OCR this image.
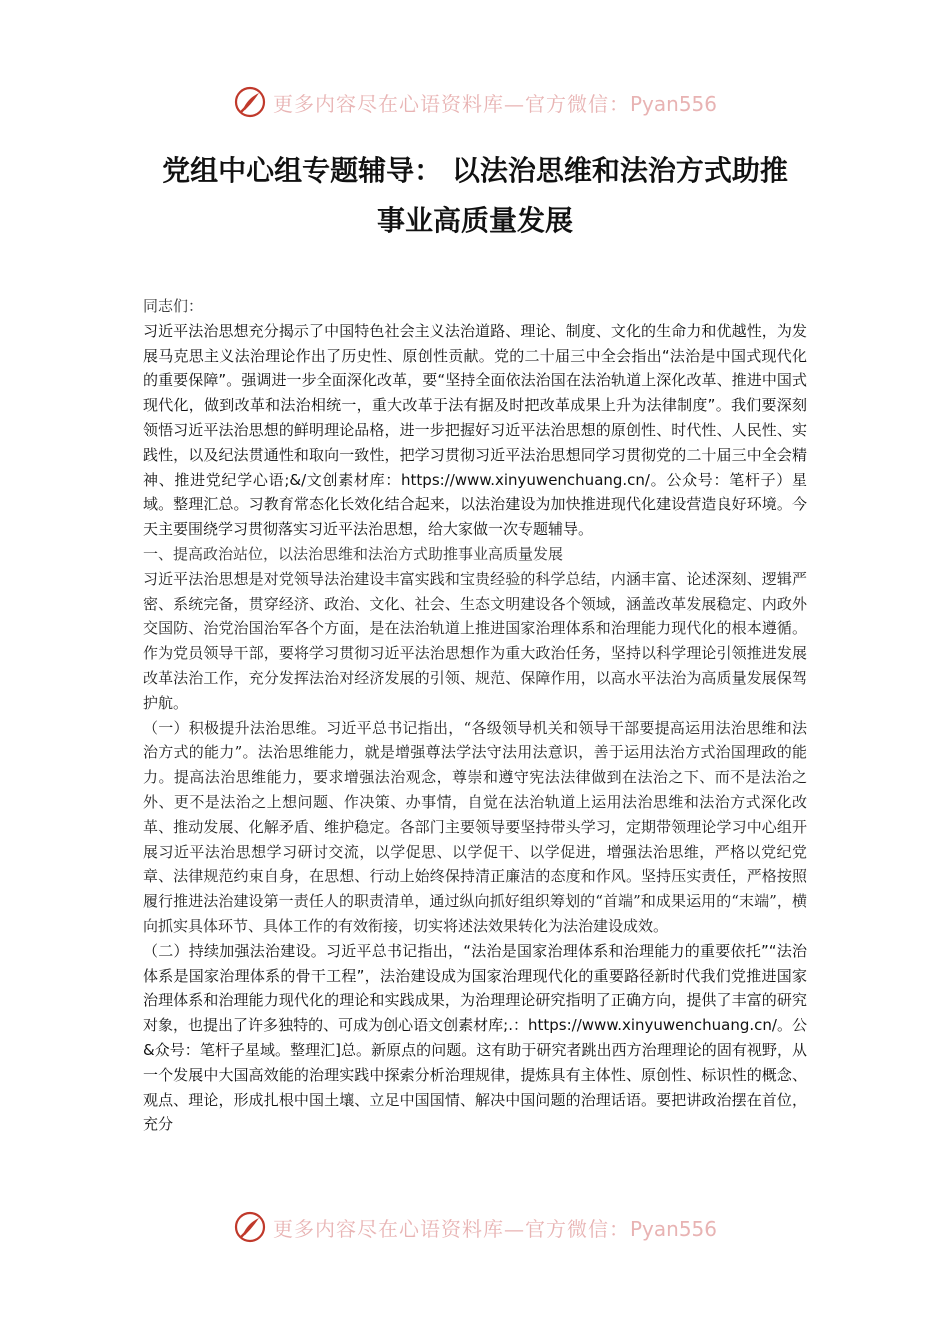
更多内容尽在心语资料库—官方微信：Pyan556
党组中心组专题辅导： 以法治思维和法治方式助推
事业高质量发展

同志们：

习近平法治思想充分揭示了中国特色社会主义法治道路、理论、制度、文化的生命力和优越性，为发展马克思主义法治理论作出了历史性、原创性贡献。党的二十届三中全会指出“法治是中国式现代化的重要保障”。强调进一步全面深化改革，要“坚持全面依法治国在法治轨道上深化改革、推进中国式现代化，做到改革和法治相统一，重大改革于法有据及时把改革成果上升为法律制度”。我们要深刻领悟习近平法治思想的鲜明理论品格，进一步把握好习近平法治思想的原创性、时代性、人民性、实践性，以及纪法贯通性和取向一致性，把学习贯彻习近平法治思想同学习贯彻党的二十届三中全会精神、推进党纪学心语;&/文创素材库：https://www.xinyuwenchuang.cn/。公众号：笔杆子）星域。整理汇总。习教育常态化长效化结合起来，以法治建设为加快推进现代化建设营造良好环境。今天主要围绕学习贯彻落实习近平法治思想，给大家做一次专题辅导。

一、提高政治站位，以法治思维和法治方式助推事业高质量发展

习近平法治思想是对党领导法治建设丰富实践和宝贵经验的科学总结，内涵丰富、论述深刻、逻辑严密、系统完备，贯穿经济、政治、文化、社会、生态文明建设各个领域，涵盖改革发展稳定、内政外交国防、治党治国治军各个方面，是在法治轨道上推进国家治理体系和治理能力现代化的根本遵循。作为党员领导干部，要将学习贯彻习近平法治思想作为重大政治任务，坚持以科学理论引领推进发展改革法治工作，充分发挥法治对经济发展的引领、规范、保障作用，以高水平法治为高质量发展保驾护航。

（一）积极提升法治思维。习近平总书记指出，“各级领导机关和领导干部要提高运用法治思维和法治方式的能力”。法治思维能力，就是增强尊法学法守法用法意识，善于运用法治方式治国理政的能力。提高法治思维能力，要求增强法治观念，尊崇和遵守宪法法律做到在法治之下、而不是法治之外、更不是法治之上想问题、作决策、办事情，自觉在法治轨道上运用法治思维和法治方式深化改革、推动发展、化解矛盾、维护稳定。各部门主要领导要坚持带头学习，定期带领理论学习中心组开展习近平法治思想学习研讨交流，以学促思、以学促干、以学促进，增强法治思维，严格以党纪党章、法律规范约束自身，在思想、行动上始终保持清正廉洁的态度和作风。坚持压实责任，严格按照履行推进法治建设第一责任人的职责清单，通过纵向抓好组织筹划的“首端”和成果运用的“末端”，横向抓实具体环节、具体工作的有效衔接，切实将述法效果转化为法治建设成效。

（二）持续加强法治建设。习近平总书记指出，“法治是国家治理体系和治理能力的重要依托”“法治体系是国家治理体系的骨干工程”，法治建设成为国家治理现代化的重要路径新时代我们党推进国家治理体系和治理能力现代化的理论和实践成果，为治理理论研究指明了正确方向，提供了丰富的研究对象，也提出了许多独特的、可成为创心语文创素材库;.：https://www.xinyuwenchuang.cn/。公&众号：笔杆子星域。整理汇]总。新原点的问题。这有助于研究者跳出西方治理理论的固有视野，从一个发展中大国高效能的治理实践中探索分析治理规律，提炼具有主体性、原创性、标识性的概念、观点、理论，形成扎根中国土壤、立足中国国情、解决中国问题的治理话语。要把讲政治摆在首位，充分

更多内容尽在心语资料库—官方微信：Pyan556
